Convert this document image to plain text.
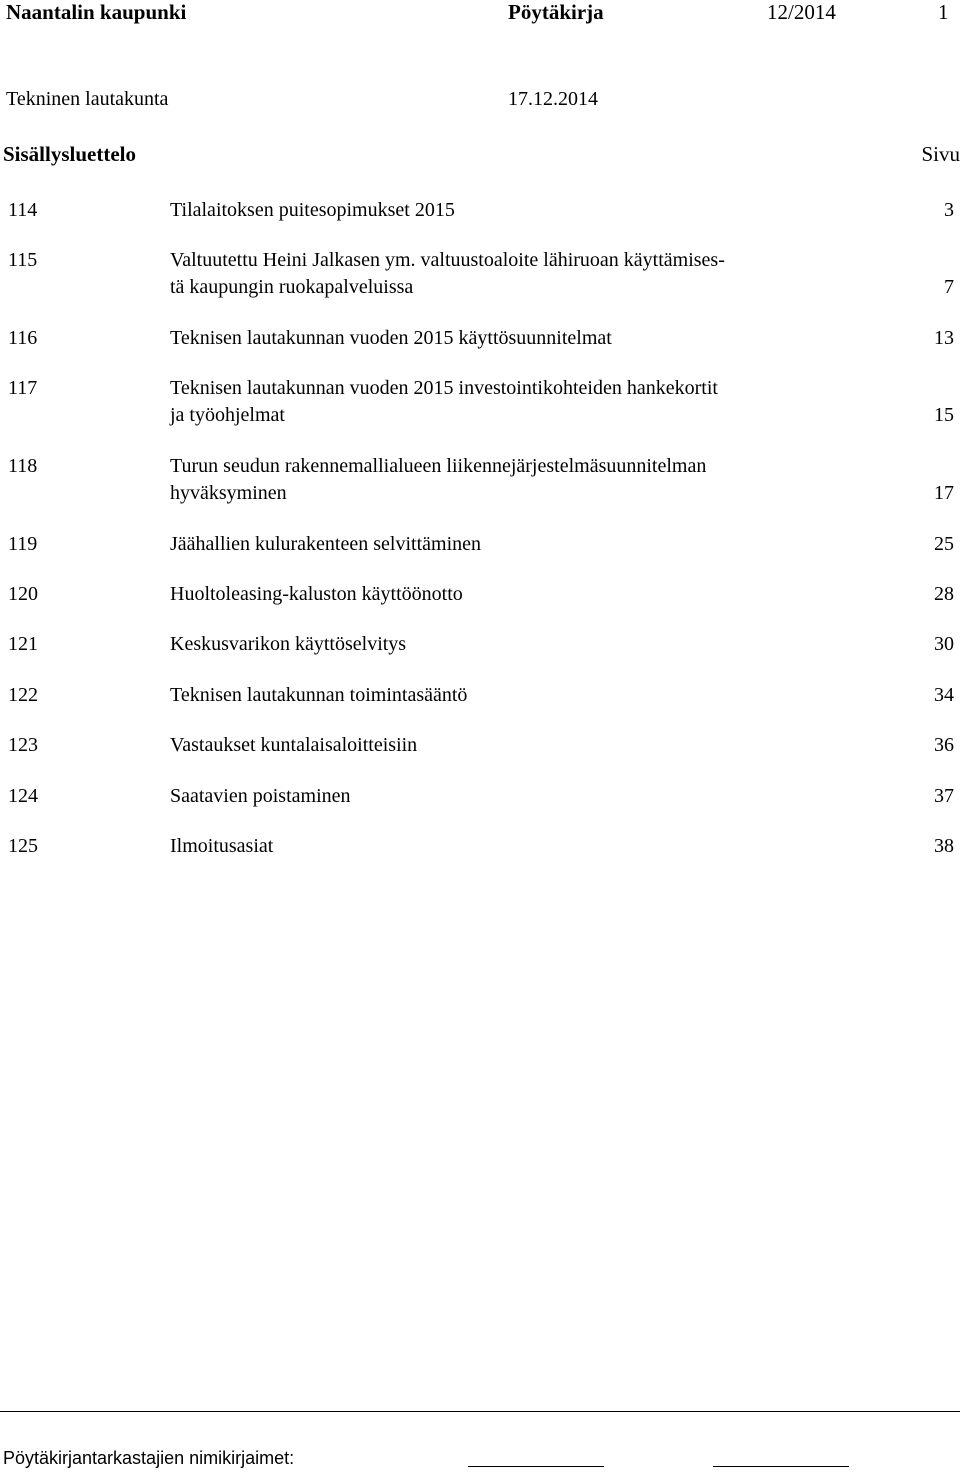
Naantalin kaupunki	Pöytäkirja	12/2014	1
Tekninen lautakunta	17.12.2014
Sisällysluettelo	Sivu
114	Tilalaitoksen puitesopimukset 2015	3
115	Valtuutettu Heini Jalkasen ym. valtuustoaloite lähiruoan käyttämises-
tä kaupungin ruokapalveluissa	7
116	Teknisen lautakunnan vuoden 2015 käyttösuunnitelmat	13
117	Teknisen lautakunnan vuoden 2015 investointikohteiden hankekortit
ja työohjelmat	15
118	Turun seudun rakennemallialueen liikennejärjestelmäsuunnitelman
hyväksyminen	17
119	Jäähallien kulurakenteen selvittäminen	25
120	Huoltoleasing-kaluston käyttöönotto	28
121	Keskusvarikon käyttöselvitys	30
122	Teknisen lautakunnan toimintasääntö	34
123	Vastaukset kuntalaisaloitteisiin	36
124	Saatavien poistaminen	37
125	Ilmoitusasiat	38
Pöytäkirjantarkastajien nimikirjaimet:
